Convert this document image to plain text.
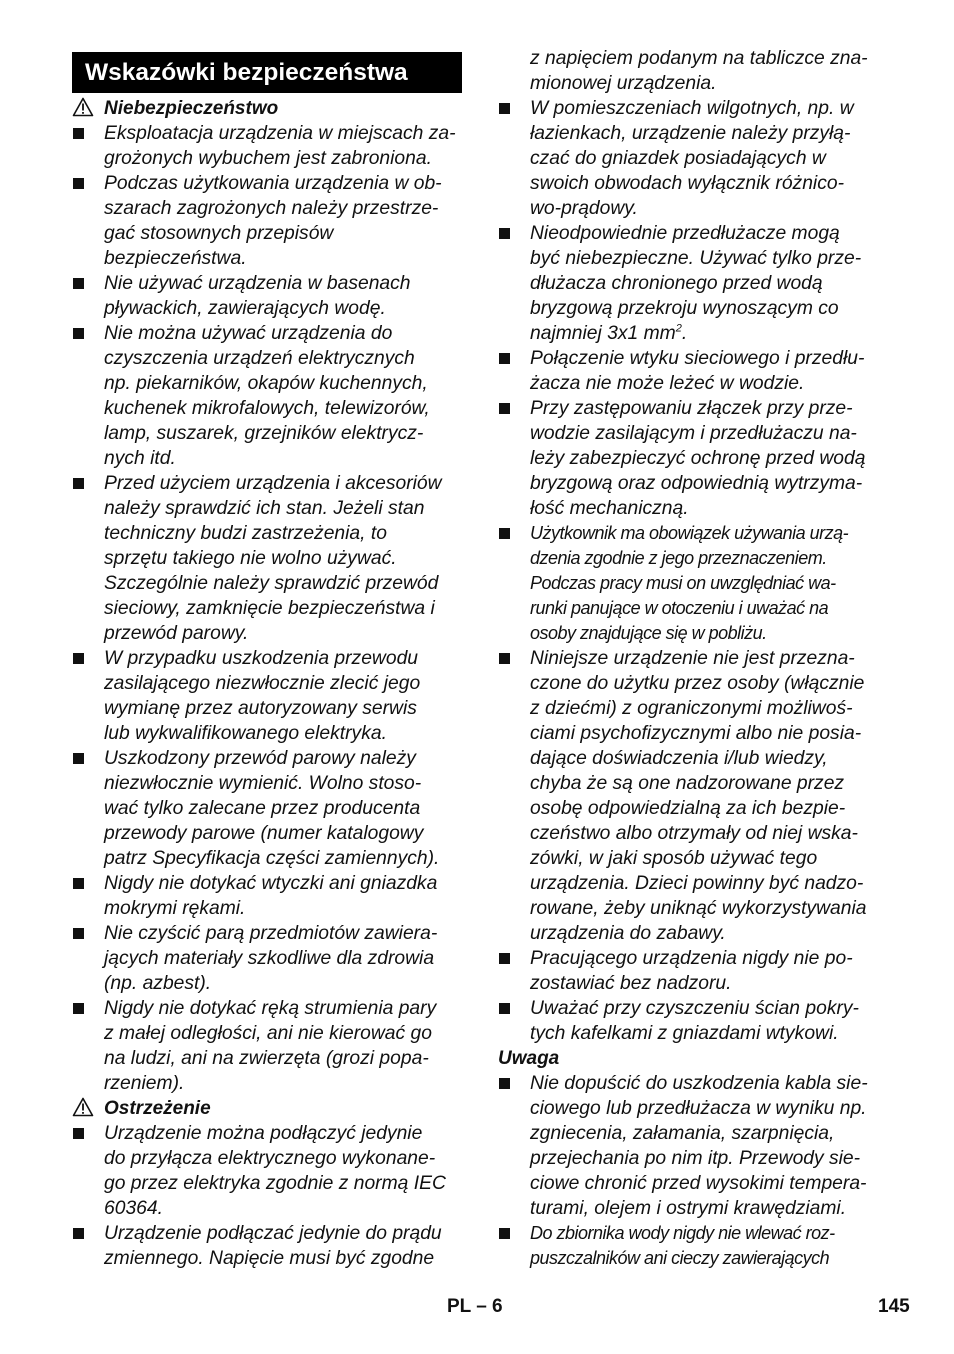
Wskazówki bezpieczeństwa
Niebezpieczeństwo
Eksploatacja urządzenia w miejscach za-
grożonych wybuchem jest zabroniona.
Podczas użytkowania urządzenia w ob-
szarach zagrożonych należy przestrze-
gać stosownych przepisów
bezpieczeństwa.
Nie używać urządzenia w basenach
pływackich, zawierających wodę.
Nie można używać urządzenia do
czyszczenia urządzeń elektrycznych
np. piekarników, okapów kuchennych,
kuchenek mikrofalowych, telewizorów,
lamp, suszarek, grzejników elektrycz-
nych itd.
Przed użyciem urządzenia i akcesoriów
należy sprawdzić ich stan. Jeżeli stan
techniczny budzi zastrzeżenia, to
sprzętu takiego nie wolno używać.
Szczególnie należy sprawdzić przewód
sieciowy, zamknięcie bezpieczeństwa i
przewód parowy.
W przypadku uszkodzenia przewodu
zasilającego niezwłocznie zlecić jego
wymianę przez autoryzowany serwis
lub wykwalifikowanego elektryka.
Uszkodzony przewód parowy należy
niezwłocznie wymienić. Wolno stoso-
wać tylko zalecane przez producenta
przewody parowe (numer katalogowy
patrz Specyfikacja części zamiennych).
Nigdy nie dotykać wtyczki ani gniazdka
mokrymi rękami.
Nie czyścić parą przedmiotów zawiera-
jących materiały szkodliwe dla zdrowia
(np. azbest).
Nigdy nie dotykać ręką strumienia pary
z małej odległości, ani nie kierować go
na ludzi, ani na zwierzęta (grozi popa-
rzeniem).
Ostrzeżenie
Urządzenie można podłączyć jedynie
do przyłącza elektrycznego wykonane-
go przez elektryka zgodnie z normą IEC
60364.
Urządzenie podłączać jedynie do prądu
zmiennego. Napięcie musi być zgodne
z napięciem podanym na tabliczce zna-
mionowej urządzenia.
W pomieszczeniach wilgotnych, np. w
łazienkach, urządzenie należy przyłą-
czać do gniazdek posiadających w
swoich obwodach wyłącznik różnico-
wo-prądowy.
Nieodpowiednie przedłużacze mogą
być niebezpieczne. Używać tylko prze-
dłużacza chronionego przed wodą
bryzgową przekroju wynoszącym co
najmniej 3x1 $mm^2$.
Połączenie wtyku sieciowego i przedłu-
żacza nie może leżeć w wodzie.
Przy zastępowaniu złączek przy prze-
wodzie zasilającym i przedłużaczu na-
leży zabezpieczyć ochronę przed wodą
bryzgową oraz odpowiednią wytrzyma-
łość mechaniczną.
Użytkownik ma obowiązek używania urzą-
dzenia zgodnie z jego przeznaczeniem.
Podczas pracy musi on uwzględniać wa-
runki panujące w otoczeniu i uważać na
osoby znajdujące się w pobliżu.
Niniejsze urządzenie nie jest przezna-
czone do użytku przez osoby (włącznie
z dziećmi) z ograniczonymi możliwoś-
ciami psychofizycznymi albo nie posia-
dające doświadczenia i/lub wiedzy,
chyba że są one nadzorowane przez
osobę odpowiedzialną za ich bezpie-
czeństwo albo otrzymały od niej wska-
zówki, w jaki sposób używać tego
urządzenia. Dzieci powinny być nadzo-
rowane, żeby uniknąć wykorzystywania
urządzenia do zabawy.
Pracującego urządzenia nigdy nie po-
zostawiać bez nadzoru.
Uważać przy czyszczeniu ścian pokry-
tych kafelkami z gniazdami wtykowi.
Uwaga
Nie dopuścić do uszkodzenia kabla sie-
ciowego lub przedłużacza w wyniku np.
zgniecenia, załamania, szarpnięcia,
przejechania po nim itp. Przewody sie-
ciowe chronić przed wysokimi tempera-
turami, olejem i ostrymi krawędziami.
Do zbiornika wody nigdy nie wlewać roz-
puszczalników ani cieczy zawierających
PL – 6	145
